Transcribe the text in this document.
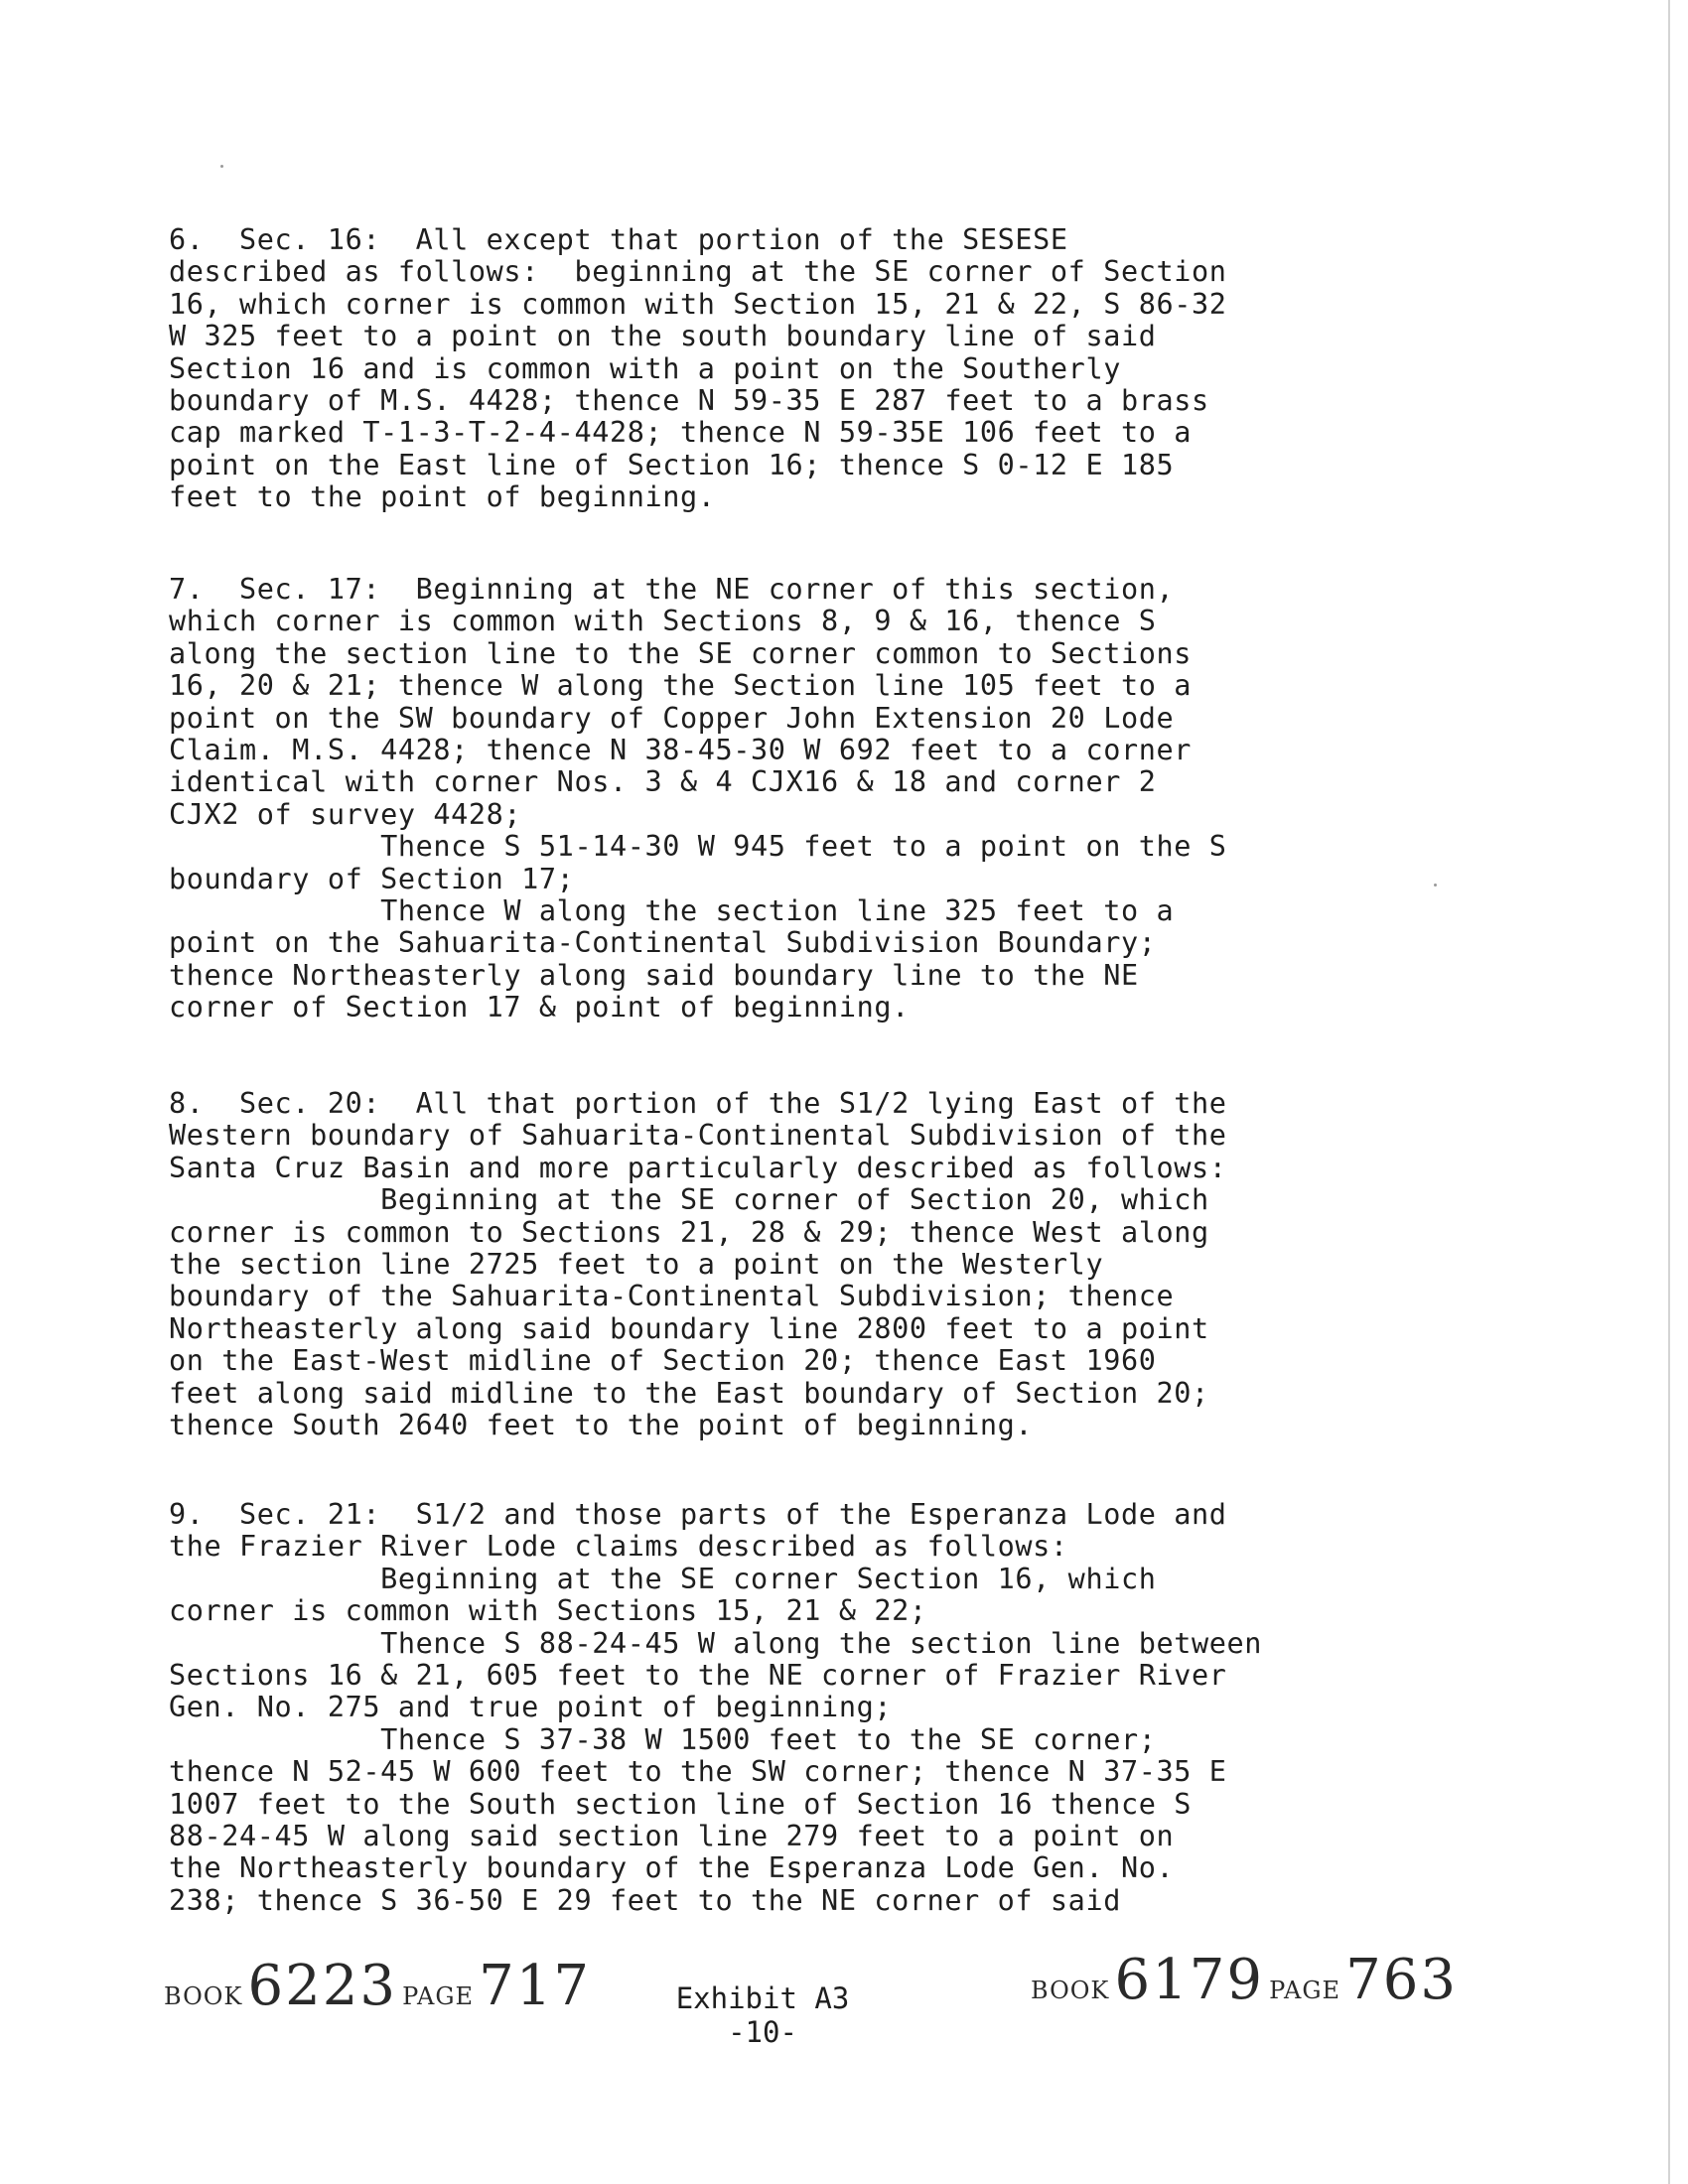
6.  Sec. 16:  All except that portion of the SESESE
described as follows:  beginning at the SE corner of Section
16, which corner is common with Section 15, 21 & 22, S 86-32
W 325 feet to a point on the south boundary line of said
Section 16 and is common with a point on the Southerly
boundary of M.S. 4428; thence N 59-35 E 287 feet to a brass
cap marked T-1-3-T-2-4-4428; thence N 59-35E 106 feet to a
point on the East line of Section 16; thence S 0-12 E 185
feet to the point of beginning.
7.  Sec. 17:  Beginning at the NE corner of this section,
which corner is common with Sections 8, 9 & 16, thence S
along the section line to the SE corner common to Sections
16, 20 & 21; thence W along the Section line 105 feet to a
point on the SW boundary of Copper John Extension 20 Lode
Claim. M.S. 4428; thence N 38-45-30 W 692 feet to a corner
identical with corner Nos. 3 & 4 CJX16 & 18 and corner 2
CJX2 of survey 4428;
Thence S 51-14-30 W 945 feet to a point on the S
boundary of Section 17;
Thence W along the section line 325 feet to a
point on the Sahuarita-Continental Subdivision Boundary;
thence Northeasterly along said boundary line to the NE
corner of Section 17 & point of beginning.
8.  Sec. 20:  All that portion of the S1/2 lying East of the
Western boundary of Sahuarita-Continental Subdivision of the
Santa Cruz Basin and more particularly described as follows:
Beginning at the SE corner of Section 20, which
corner is common to Sections 21, 28 & 29; thence West along
the section line 2725 feet to a point on the Westerly
boundary of the Sahuarita-Continental Subdivision; thence
Northeasterly along said boundary line 2800 feet to a point
on the East-West midline of Section 20; thence East 1960
feet along said midline to the East boundary of Section 20;
thence South 2640 feet to the point of beginning.
9.  Sec. 21:  S1/2 and those parts of the Esperanza Lode and
the Frazier River Lode claims described as follows:
Beginning at the SE corner Section 16, which
corner is common with Sections 15, 21 & 22;
Thence S 88-24-45 W along the section line between
Sections 16 & 21, 605 feet to the NE corner of Frazier River
Gen. No. 275 and true point of beginning;
Thence S 37-38 W 1500 feet to the SE corner;
thence N 52-45 W 600 feet to the SW corner; thence N 37-35 E
1007 feet to the South section line of Section 16 thence S
88-24-45 W along said section line 279 feet to a point on
the Northeasterly boundary of the Esperanza Lode Gen. No.
238; thence S 36-50 E 29 feet to the NE corner of said
BOOK 6223 PAGE 717	Exhibit A3
-10-
BOOK 6179 PAGE 763
